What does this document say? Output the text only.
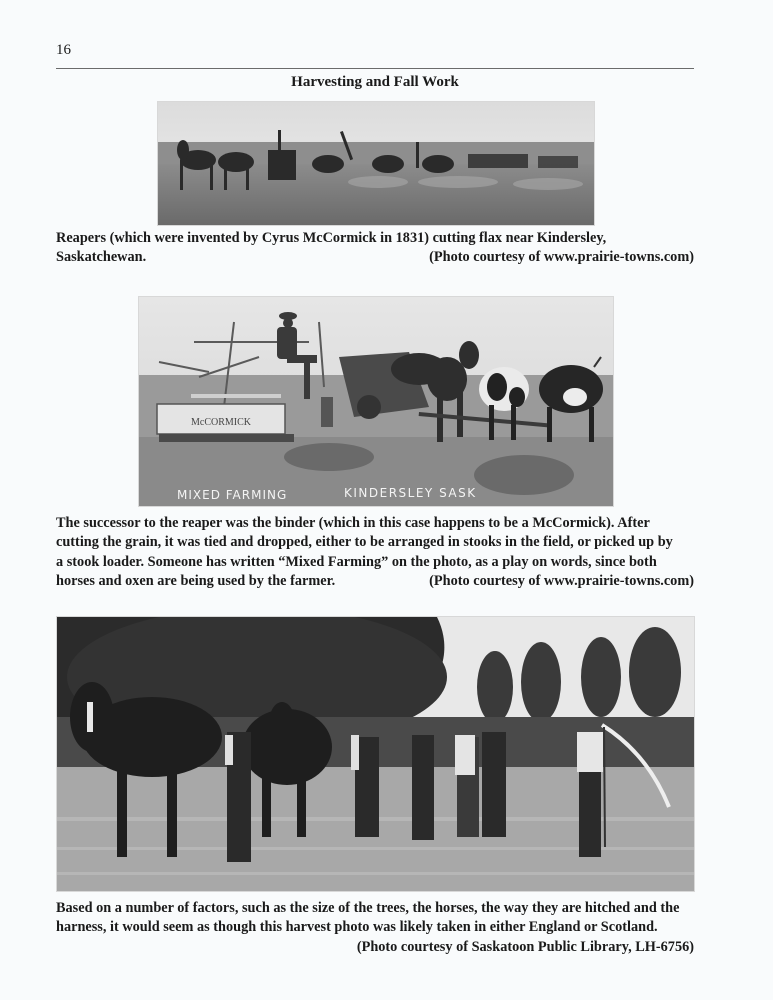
16
Harvesting and Fall Work
Reapers (which were invented by Cyrus McCormick in 1831) cutting flax near Kindersley,
Saskatchewan.	(Photo courtesy of www.prairie-towns.com)
McCORMICK
MIXED FARMING	KINDERSLEY SASK
The successor to the reaper was the binder (which in this case happens to be a McCormick). After
cutting the grain, it was tied and dropped, either to be arranged in stooks in the field, or picked up by
a stook loader. Someone has written “Mixed Farming” on the photo, as a play on words, since both
horses and oxen are being used by the farmer.	(Photo courtesy of www.prairie-towns.com)
Based on a number of factors, such as the size of the trees, the horses, the way they are hitched and the
harness, it would seem as though this harvest photo was likely taken in either England or Scotland.
(Photo courtesy of Saskatoon Public Library, LH-6756)
